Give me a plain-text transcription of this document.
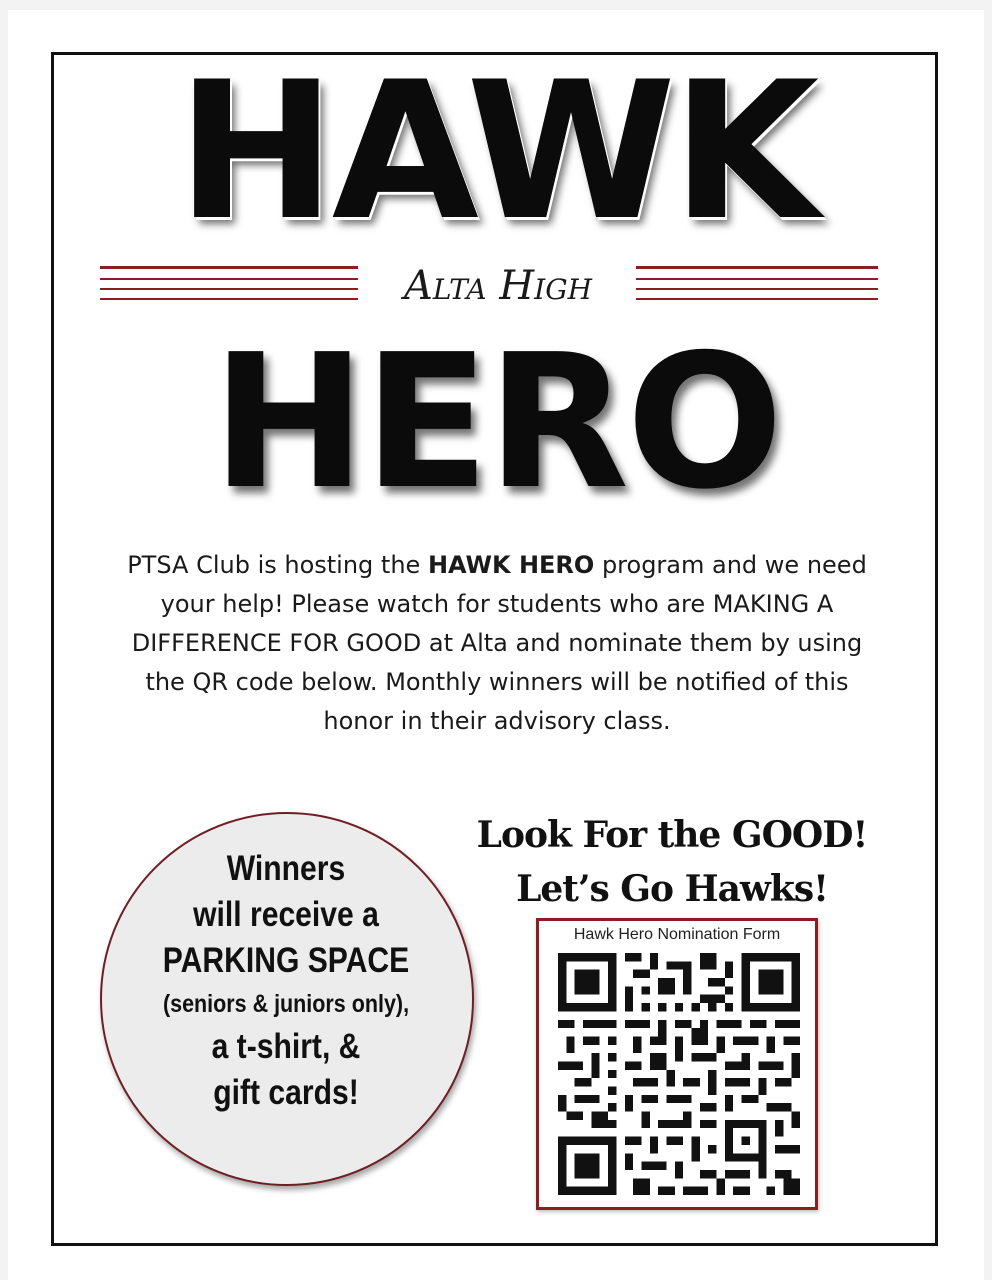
HAWK
Alta High
HERO
PTSA Club is hosting the HAWK HERO program and we need your help! Please watch for students who are MAKING A DIFFERENCE FOR GOOD at Alta and nominate them by using the QR code below. Monthly winners will be notified of this honor in their advisory class.
Winners
will receive a
PARKING SPACE
(seniors & juniors only),
a t-shirt, &
gift cards!
Look For the GOOD!
Let’s Go Hawks!
Hawk Hero Nomination Form
